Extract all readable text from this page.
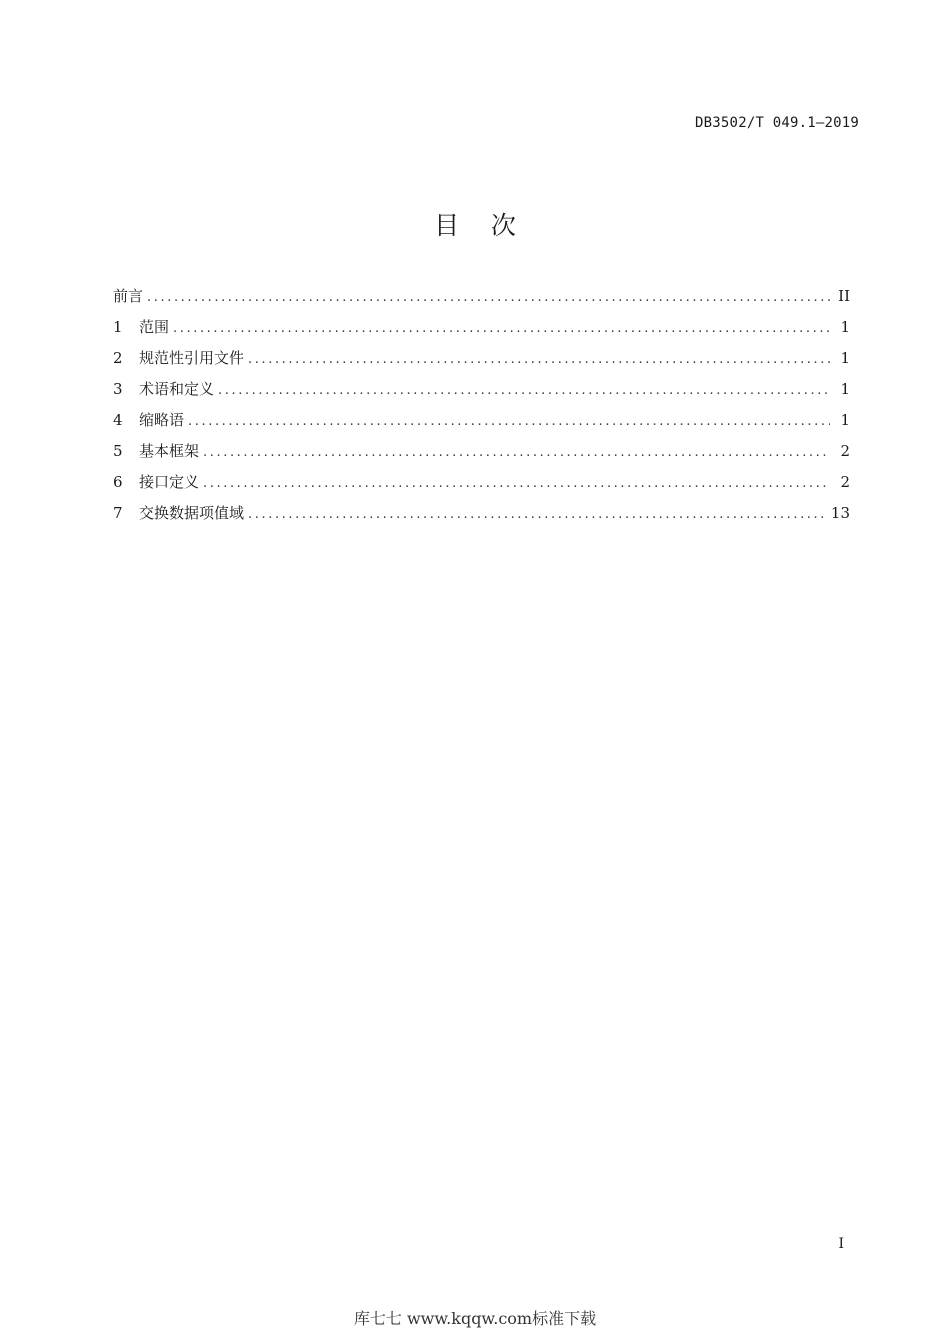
DB3502/T 049.1—2019
目    次
前言 .....	II
1	范围 .....	1
2	规范性引用文件 .....	1
3	术语和定义 .....	1
4	缩略语 .....	1
5	基本框架 .....	2
6	接口定义 .....	2
7	交换数据项值域 .....	13
I
库七七 www.kqqw.com标准下载
